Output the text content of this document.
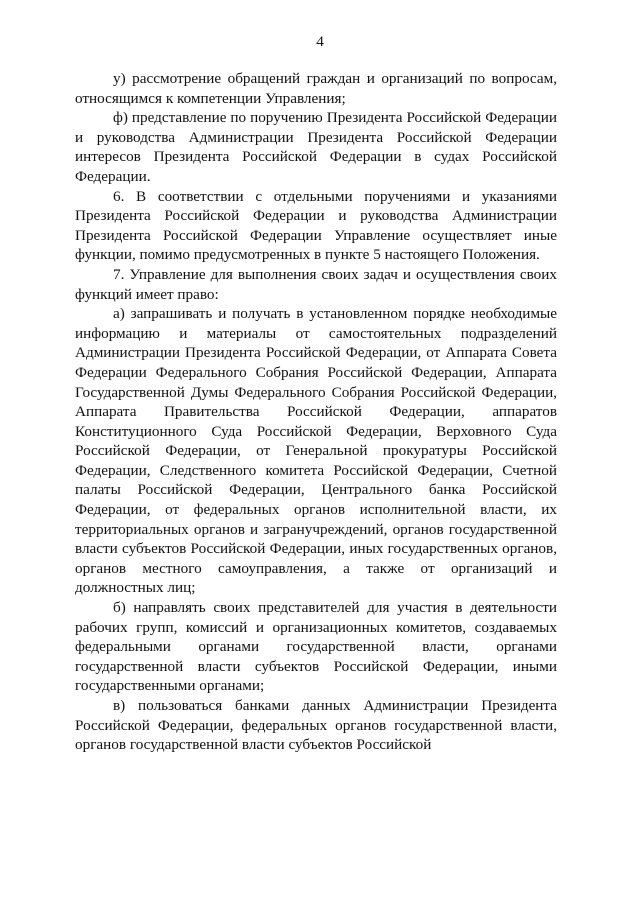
4

у) рассмотрение обращений граждан и организаций по вопросам, относящимся к компетенции Управления;

ф) представление по поручению Президента Российской Федерации и руководства Администрации Президента Российской Федерации интересов Президента Российской Федерации в судах Российской Федерации.

6. В соответствии с отдельными поручениями и указаниями Президента Российской Федерации и руководства Администрации Президента Российской Федерации Управление осуществляет иные функции, помимо предусмотренных в пункте 5 настоящего Положения.

7. Управление для выполнения своих задач и осуществления своих функций имеет право:

а) запрашивать и получать в установленном порядке необходимые информацию и материалы от самостоятельных подразделений Администрации Президента Российской Федерации, от Аппарата Совета Федерации Федерального Собрания Российской Федерации, Аппарата Государственной Думы Федерального Собрания Российской Федерации, Аппарата Правительства Российской Федерации, аппаратов Конституционного Суда Российской Федерации, Верховного Суда Российской Федерации, от Генеральной прокуратуры Российской Федерации, Следственного комитета Российской Федерации, Счетной палаты Российской Федерации, Центрального банка Российской Федерации, от федеральных органов исполнительной власти, их территориальных органов и загранучреждений, органов государственной власти субъектов Российской Федерации, иных государственных органов, органов местного самоуправления, а также от организаций и должностных лиц;

б) направлять своих представителей для участия в деятельности рабочих групп, комиссий и организационных комитетов, создаваемых федеральными органами государственной власти, органами государственной власти субъектов Российской Федерации, иными государственными органами;

в) пользоваться банками данных Администрации Президента Российской Федерации, федеральных органов государственной власти, органов государственной власти субъектов Российской
